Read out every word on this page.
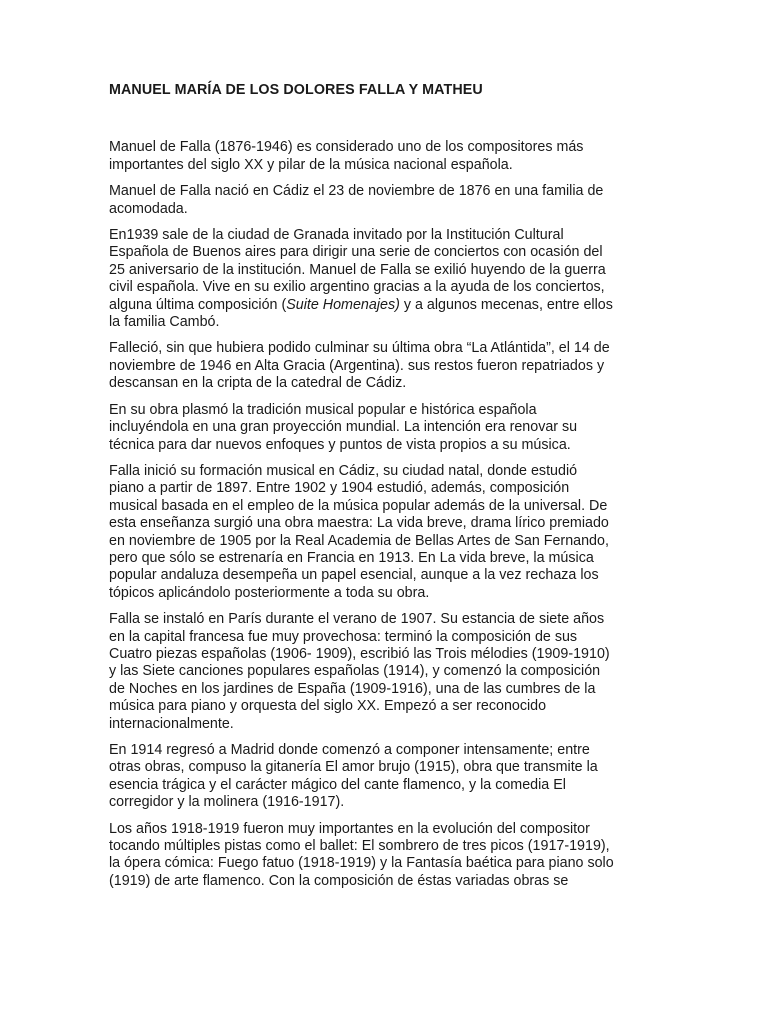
MANUEL MARÍA DE LOS DOLORES FALLA Y MATHEU

Manuel de Falla (1876-1946) es considerado uno de los compositores más
importantes del siglo XX y pilar de la música nacional española.

Manuel de Falla nació en Cádiz el 23 de noviembre de 1876 en una familia de
acomodada.

En1939 sale de la ciudad de Granada invitado por la Institución Cultural
Española de Buenos aires para dirigir una serie de conciertos con ocasión del
25 aniversario de la institución. Manuel de Falla se exilió huyendo de la guerra
civil española. Vive en su exilio argentino gracias a la ayuda de los conciertos,
alguna última composición (Suite Homenajes) y a algunos mecenas, entre ellos
la familia Cambó.

Falleció, sin que hubiera podido culminar su última obra “La Atlántida”, el 14 de
noviembre de 1946 en Alta Gracia (Argentina). sus restos fueron repatriados y
descansan en la cripta de la catedral de Cádiz.

En su obra plasmó la tradición musical popular e histórica española
incluyéndola en una gran proyección mundial. La intención era renovar su
técnica para dar nuevos enfoques y puntos de vista propios a su música.

Falla inició su formación musical en Cádiz, su ciudad natal, donde estudió
piano a partir de 1897. Entre 1902 y 1904 estudió, además, composición
musical basada en el empleo de la música popular además de la universal. De
esta enseñanza surgió una obra maestra: La vida breve, drama lírico premiado
en noviembre de 1905 por la Real Academia de Bellas Artes de San Fernando,
pero que sólo se estrenaría en Francia en 1913. En La vida breve, la música
popular andaluza desempeña un papel esencial, aunque a la vez rechaza los
tópicos aplicándolo posteriormente a toda su obra.

Falla se instaló en París durante el verano de 1907. Su estancia de siete años
en la capital francesa fue muy provechosa: terminó la composición de sus
Cuatro piezas españolas (1906- 1909), escribió las Trois mélodies (1909-1910)
y las Siete canciones populares españolas (1914), y comenzó la composición
de Noches en los jardines de España (1909-1916), una de las cumbres de la
música para piano y orquesta del siglo XX. Empezó a ser reconocido
internacionalmente.

En 1914 regresó a Madrid donde comenzó a componer intensamente; entre
otras obras, compuso la gitanería El amor brujo (1915), obra que transmite la
esencia trágica y el carácter mágico del cante flamenco, y la comedia El
corregidor y la molinera (1916-1917).

Los años 1918-1919 fueron muy importantes en la evolución del compositor
tocando múltiples pistas como el ballet: El sombrero de tres picos (1917-1919),
la ópera cómica: Fuego fatuo (1918-1919) y la Fantasía baética para piano solo
(1919) de arte flamenco. Con la composición de éstas variadas obras se
